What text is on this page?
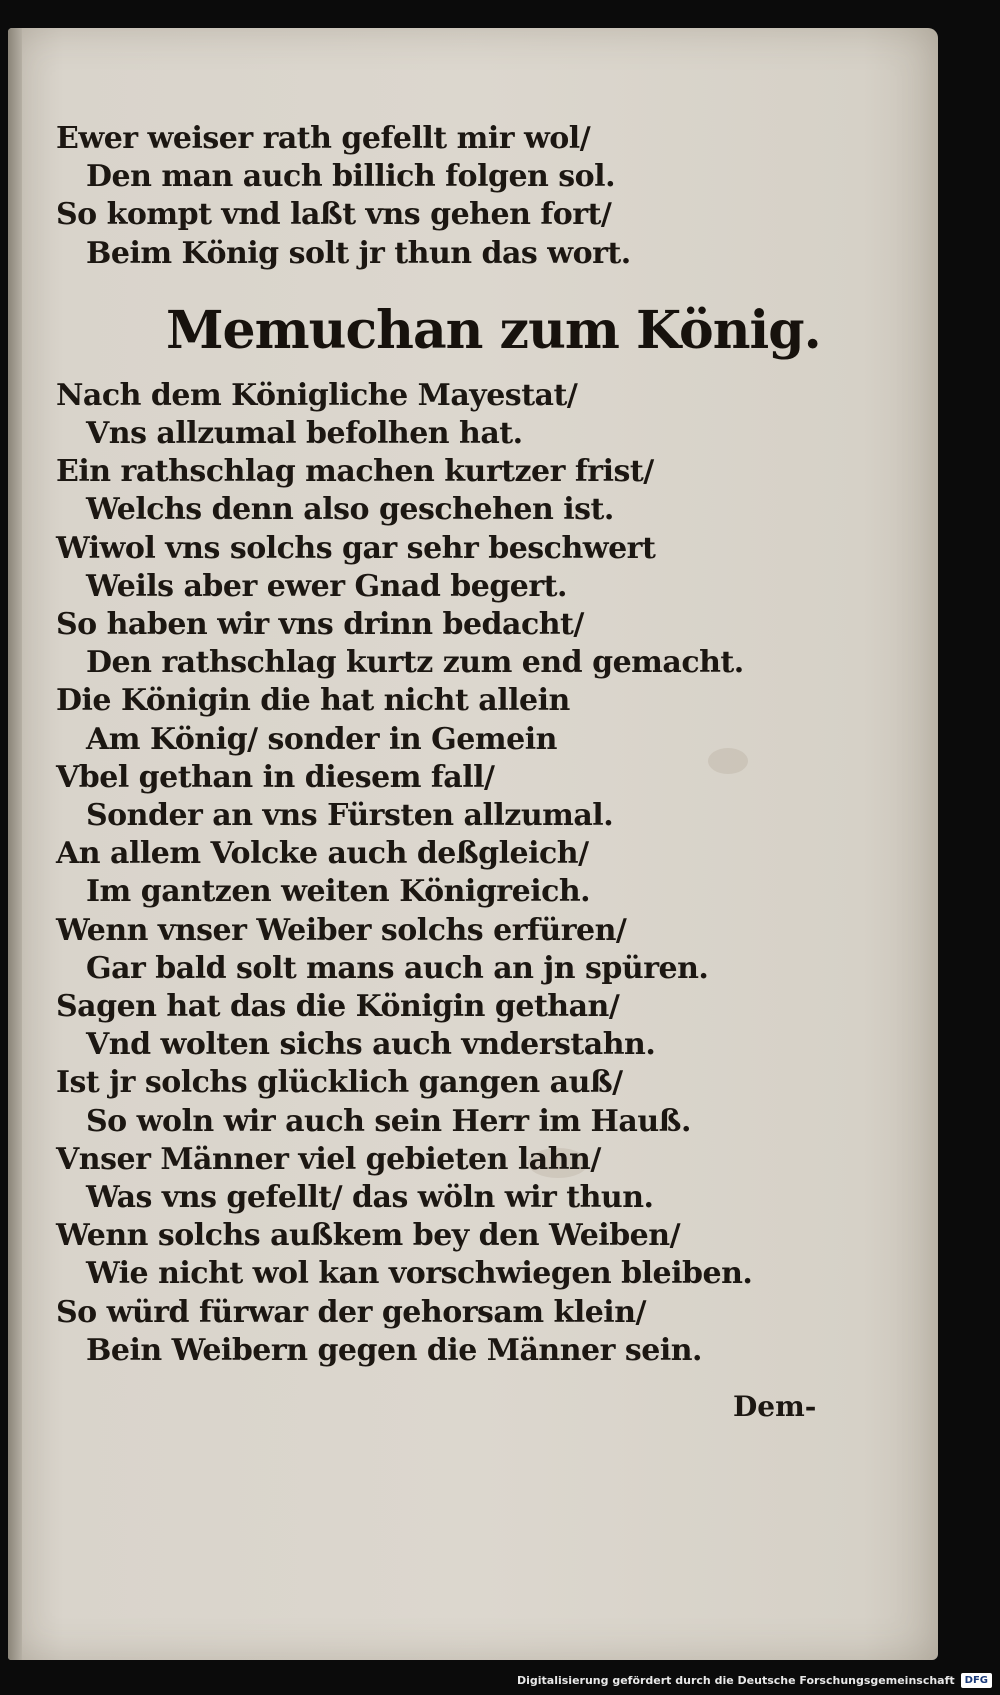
Ewer weiser rath gefellt mir wol/
Den man auch billich folgen sol.
So kompt vnd laßt vns gehen fort/
Beim König solt jr thun das wort.
Memuchan zum König.
Nach dem Königliche Mayestat/
Vns allzumal befolhen hat.
Ein rathschlag machen kurtzer frist/
Welchs denn also geschehen ist.
Wiwol vns solchs gar sehr beschwert
Weils aber ewer Gnad begert.
So haben wir vns drinn bedacht/
Den rathschlag kurtz zum end gemacht.
Die Königin die hat nicht allein
Am König/ sonder in Gemein
Vbel gethan in diesem fall/
Sonder an vns Fürsten allzumal.
An allem Volcke auch deßgleich/
Im gantzen weiten Königreich.
Wenn vnser Weiber solchs erfüren/
Gar bald solt mans auch an jn spüren.
Sagen hat das die Königin gethan/
Vnd wolten sichs auch vnderstahn.
Ist jr solchs glücklich gangen auß/
So woln wir auch sein Herr im Hauß.
Vnser Männer viel gebieten lahn/
Was vns gefellt/ das wöln wir thun.
Wenn solchs außkem bey den Weiben/
Wie nicht wol kan vorschwiegen bleiben.
So würd fürwar der gehorsam klein/
Bein Weibern gegen die Männer sein.
Dem-
Digitalisierung gefördert durch die Deutsche Forschungsgemeinschaft	DFG
